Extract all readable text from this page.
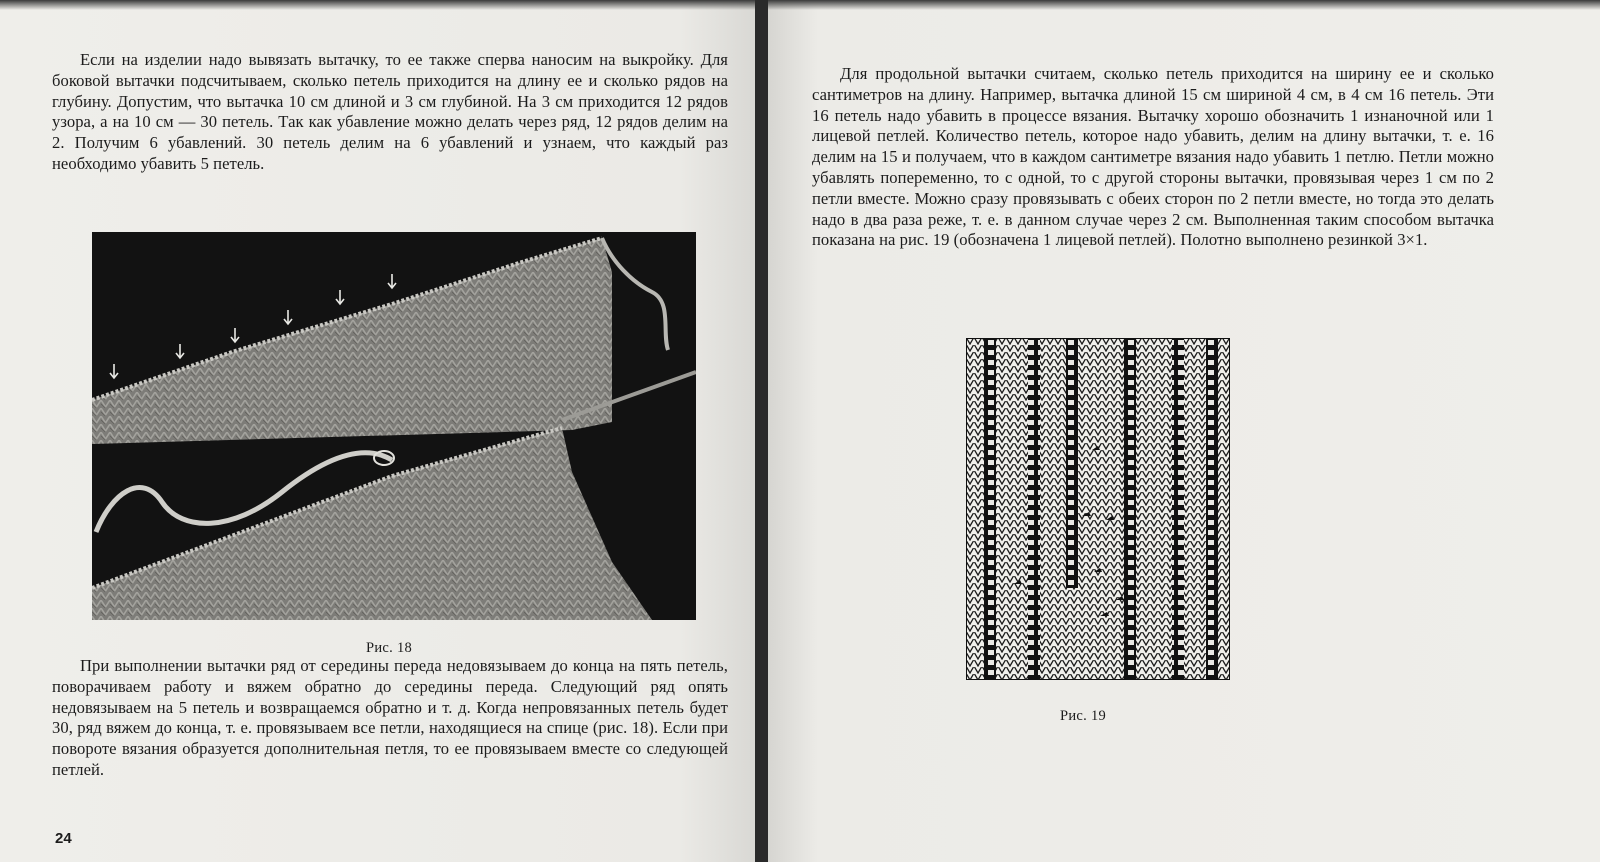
Если на изделии надо вывязать вытачку, то ее также сперва наносим на выкройку. Для боковой вытачки подсчитываем, сколько петель приходится на длину ее и сколько рядов на глубину. Допустим, что вытачка 10 см длиной и 3 см глубиной. На 3 см приходится 12 рядов узора, а на 10 см — 30 петель. Так как убавление можно делать через ряд, 12 рядов делим на 2. Получим 6 убавлений. 30 петель делим на 6 убавлений и узнаем, что каждый раз необходимо убавить 5 петель.

Рис. 18

При выполнении вытачки ряд от середины переда недовязываем до конца на пять петель, поворачиваем работу и вяжем обратно до середины переда. Следующий ряд опять недовязываем на 5 петель и возвращаемся обратно и т. д. Когда непровязанных петель будет 30, ряд вяжем до конца, т. е. провязываем все петли, находящиеся на спице (рис. 18). Если при повороте вязания образуется дополнительная петля, то ее провязываем вместе со следующей петлей.

24

Для продольной вытачки считаем, сколько петель приходится на ширину ее и сколько сантиметров на длину. Например, вытачка длиной 15 см шириной 4 см, в 4 см 16 петель. Эти 16 петель надо убавить в процессе вязания. Вытачку хорошо обозначить 1 изнаночной или 1 лицевой петлей. Количество петель, которое надо убавить, делим на длину вытачки, т. е. 16 делим на 15 и получаем, что в каждом сантиметре вязания надо убавить 1 петлю. Петли можно убавлять попеременно, то с одной, то с другой стороны вытачки, провязывая через 1 см по 2 петли вместе. Можно сразу провязывать с обеих сторон по 2 петли вместе, но тогда это делать надо в два раза реже, т. е. в данном случае через 2 см. Выполненная таким способом вытачка показана на рис. 19 (обозначена 1 лицевой петлей). Полотно выполнено резинкой 3×1.

Рис. 19
